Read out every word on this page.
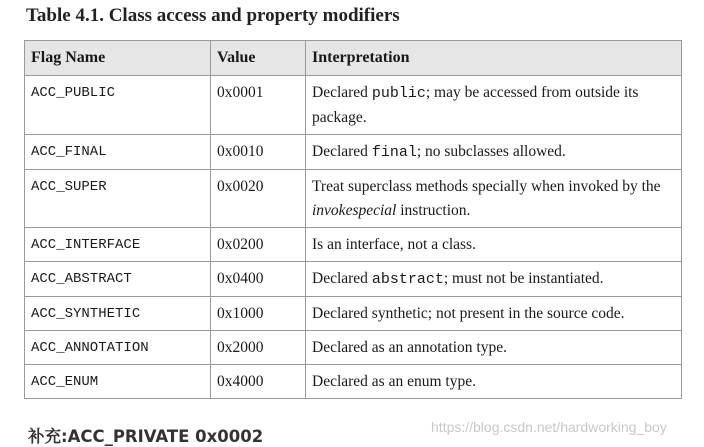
Table 4.1. Class access and property modifiers
Flag Name	Value	Interpretation
ACC_PUBLIC	0x0001	Declared public; may be accessed from outside its package.
ACC_FINAL	0x0010	Declared final; no subclasses allowed.
ACC_SUPER	0x0020	Treat superclass methods specially when invoked by the invokespecial instruction.
ACC_INTERFACE	0x0200	Is an interface, not a class.
ACC_ABSTRACT	0x0400	Declared abstract; must not be instantiated.
ACC_SYNTHETIC	0x1000	Declared synthetic; not present in the source code.
ACC_ANNOTATION	0x2000	Declared as an annotation type.
ACC_ENUM	0x4000	Declared as an enum type.
补充:ACC_PRIVATE 0x0002	https://blog.csdn.net/hardworking_boy
